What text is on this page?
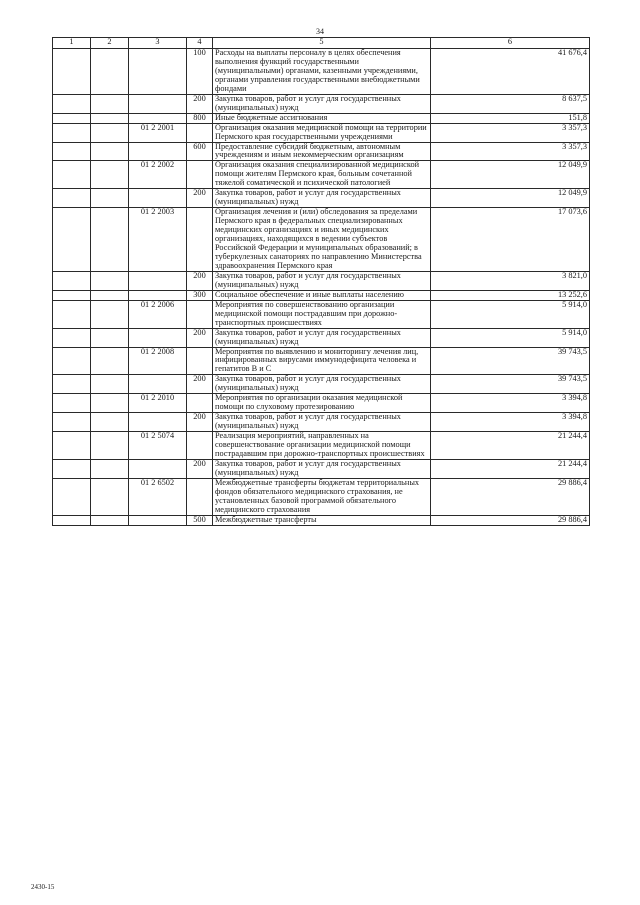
34
1	2	3	4	5	6
			100	Расходы на выплаты персоналу в целях обеспечения выполнения функций государственными (муниципальными) органами, казенными учреждениями, органами управления государственными внебюджетными фондами	41 676,4
			200	Закупка товаров, работ и услуг для государственных (муниципальных) нужд	8 637,5
			800	Иные бюджетные ассигнования	151,8
		01 2 2001		Организация оказания медицинской помощи на территории Пермского края государственными учреждениями	3 357,3
			600	Предоставление субсидий бюджетным, автономным учреждениям и иным некоммерческим организациям	3 357,3
		01 2 2002		Организация оказания специализированной медицинской помощи жителям Пермского края, больным сочетанной тяжелой соматической и психической патологией	12 049,9
			200	Закупка товаров, работ и услуг для государственных (муниципальных) нужд	12 049,9
		01 2 2003		Организация лечения и (или) обследования за пределами Пермского края в федеральных специализированных медицинских организациях и иных медицинских организациях, находящихся в ведении субъектов Российской Федерации и муниципальных образований; в туберкулезных санаториях по направлению Министерства здравоохранения Пермского края	17 073,6
			200	Закупка товаров, работ и услуг для государственных (муниципальных) нужд	3 821,0
			300	Социальное обеспечение и иные выплаты населению	13 252,6
		01 2 2006		Мероприятия по совершенствованию организации медицинской помощи пострадавшим при дорожно-транспортных происшествиях	5 914,0
			200	Закупка товаров, работ и услуг для государственных (муниципальных) нужд	5 914,0
		01 2 2008		Мероприятия по выявлению и мониторингу лечения лиц, инфицированных вирусами иммунодефицита человека и гепатитов В и С	39 743,5
			200	Закупка товаров, работ и услуг для государственных (муниципальных) нужд	39 743,5
		01 2 2010		Мероприятия по организации оказания медицинской помощи по слуховому протезированию	3 394,8
			200	Закупка товаров, работ и услуг для государственных (муниципальных) нужд	3 394,8
		01 2 5074		Реализация мероприятий, направленных на совершенствование организации медицинской помощи пострадавшим при дорожно-транспортных происшествиях	21 244,4
			200	Закупка товаров, работ и услуг для государственных (муниципальных) нужд	21 244,4
		01 2 6502		Межбюджетные трансферты бюджетам территориальных фондов обязательного медицинского страхования, не установленных базовой программой обязательного медицинского страхования	29 886,4
			500	Межбюджетные трансферты	29 886,4
2430-15
